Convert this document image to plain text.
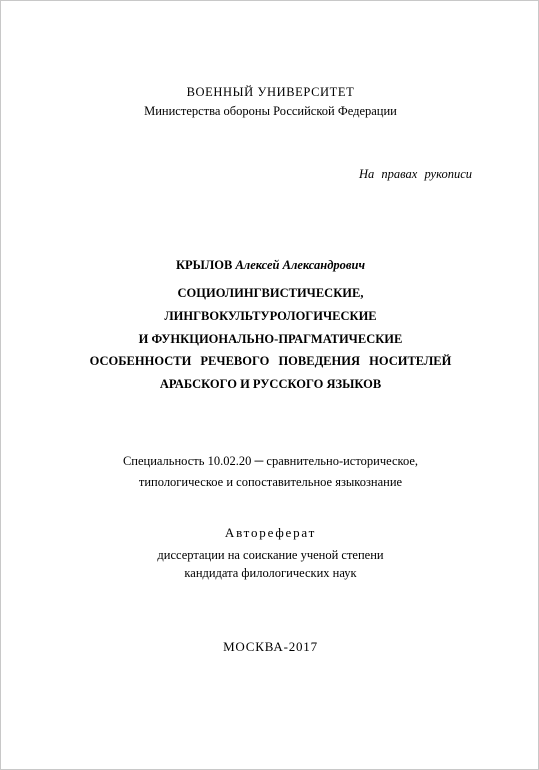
ВОЕННЫЙ УНИВЕРСИТЕТ
Министерства обороны Российской Федерации
На правах рукописи
КРЫЛОВ Алексей Александрович
СОЦИОЛИНГВИСТИЧЕСКИЕ,
ЛИНГВОКУЛЬТУРОЛОГИЧЕСКИЕ
И ФУНКЦИОНАЛЬНО-ПРАГМАТИЧЕСКИЕ
ОСОБЕННОСТИ РЕЧЕВОГО ПОВЕДЕНИЯ НОСИТЕЛЕЙ
АРАБСКОГО И РУССКОГО ЯЗЫКОВ
Специальность 10.02.20 ─ сравнительно-историческое,
типологическое и сопоставительное языкознание
Автореферат
диссертации на соискание ученой степени
кандидата филологических наук
МОСКВА-2017
